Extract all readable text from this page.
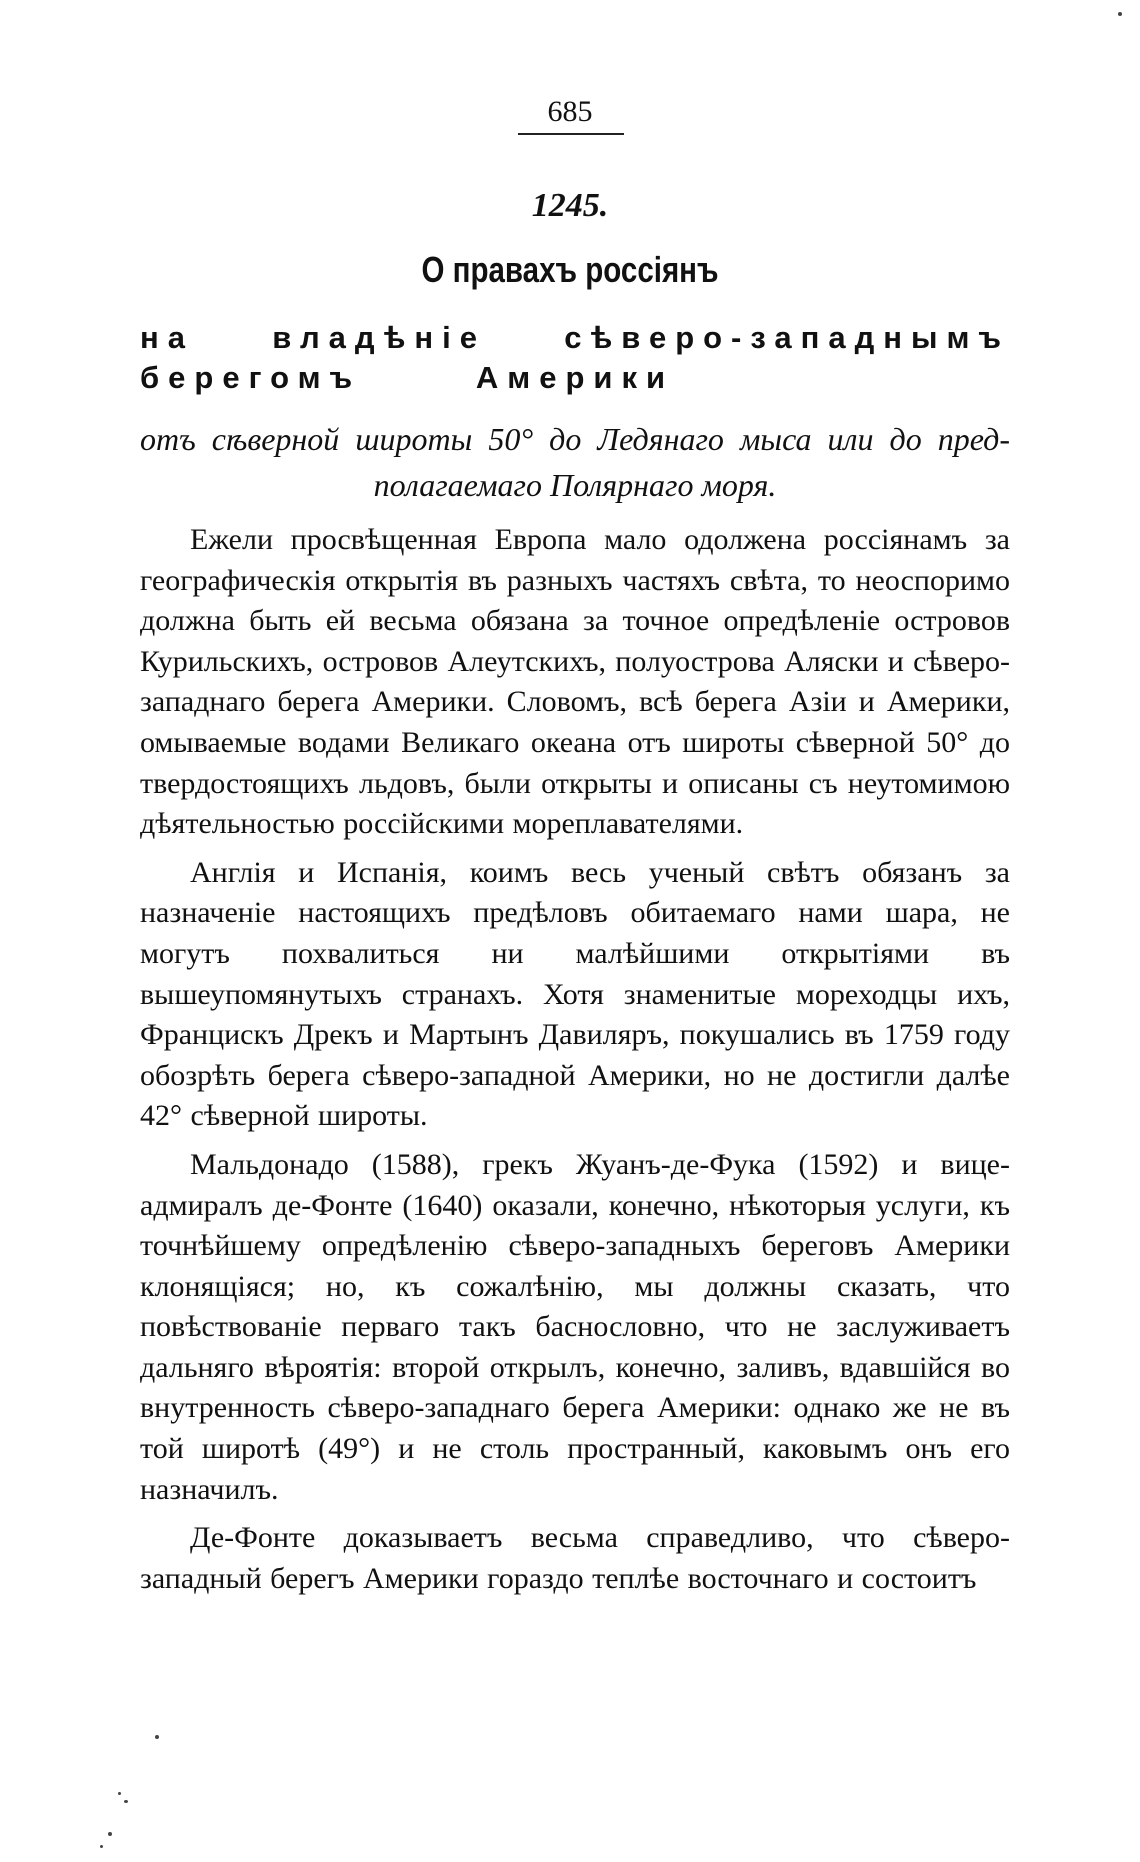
685
1245.
О правахъ россіянъ
на владѣніе сѣверо-западнымъ берегомъ	Америки
отъ сѣверной широты 50° до Ледянаго мыса или до пред-
полагаемаго Полярнаго моря.

Ежели просвѣщенная Европа мало одолжена россіянамъ за географическія открытія въ разныхъ частяхъ свѣта, то неоспоримо должна быть ей весьма обязана за точное опредѣленіе островов Курильскихъ, островов Алеутскихъ, полуострова Аляски и сѣверо-западнаго берега Америки. Словомъ, всѣ берега Азіи и Америки, омываемые водами Великаго океана отъ широты сѣверной 50° до твердостоящихъ льдовъ, были открыты и описаны съ неутомимою дѣятельностью россійскими мореплавателями.

Англія и Испанія, коимъ весь ученый свѣтъ обязанъ за назначеніе настоящихъ предѣловъ обитаемаго нами шара, не могутъ похвалиться ни малѣйшими открытіями въ вышеупомянутыхъ странахъ. Хотя знаменитые мореходцы ихъ, Францискъ Дрекъ и Мартынъ Давиляръ, покушались въ 1759 году обозрѣть берега сѣверо-западной Америки, но не достигли далѣе 42° сѣверной широты.

Мальдонадо (1588), грекъ Жуанъ-де-Фука (1592) и вице-адмиралъ де-Фонте (1640) оказали, конечно, нѣкоторыя услуги, къ точнѣйшему опредѣленію сѣверо-западныхъ береговъ Америки клонящіяся; но, къ сожалѣнію, мы должны сказать, что повѣствованіе перваго такъ баснословно, что не заслуживаетъ дальняго вѣроятія: второй открылъ, конечно, заливъ, вдавшійся во внутренность сѣверо-западнаго берега Америки: однако же не въ той широтѣ (49°) и не столь пространный, каковымъ онъ его назначилъ.

Де-Фонте доказываетъ весьма справедливо, что сѣверо-западный берегъ Америки гораздо теплѣе восточнаго и состоитъ
